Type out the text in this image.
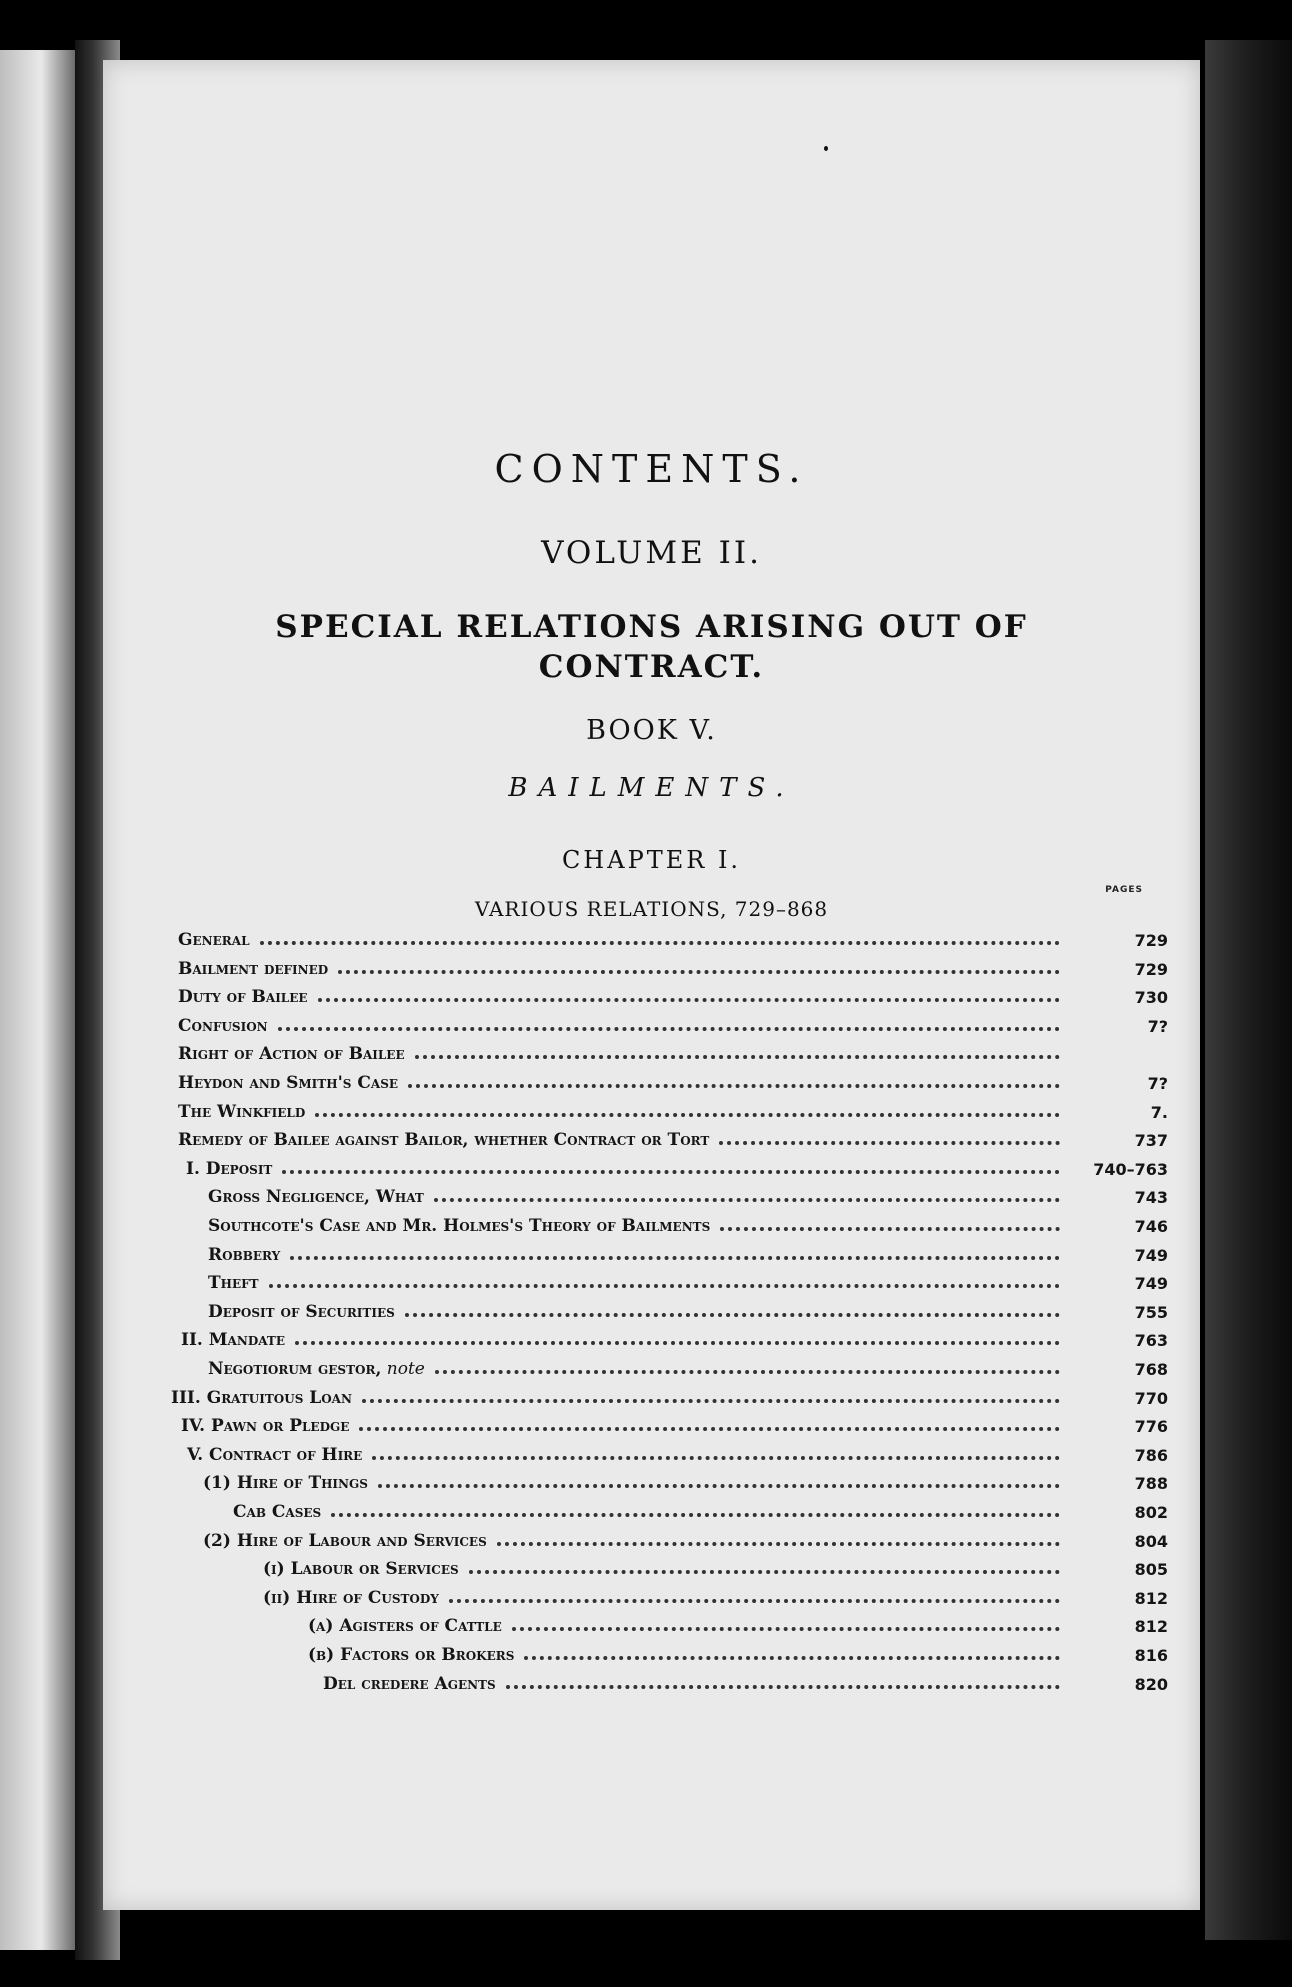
CONTENTS.
VOLUME II.
SPECIAL RELATIONS ARISING OUT OF
CONTRACT.
BOOK V.
BAILMENTS.
CHAPTER I.
VARIOUS RELATIONS, 729–868
PAGES
General	729
Bailment defined	729
Duty of Bailee	730
Confusion	7?
Right of Action of Bailee
Heydon and Smith's Case	7?
The Winkfield	7.
Remedy of Bailee against Bailor, whether Contract or Tort	737
I. Deposit	740–763
Gross Negligence, What	743
Southcote's Case and Mr. Holmes's Theory of Bailments	746
Robbery	749
Theft	749
Deposit of Securities	755
II. Mandate	763
Negotiorum gestor, note	768
III. Gratuitous Loan	770
IV. Pawn or Pledge	776
V. Contract of Hire	786
(1) Hire of Things	788
Cab Cases	802
(2) Hire of Labour and Services	804
(i) Labour or Services	805
(ii) Hire of Custody	812
(α) Agisters of Cattle	812
(β) Factors or Brokers	816
Del credere Agents	820
